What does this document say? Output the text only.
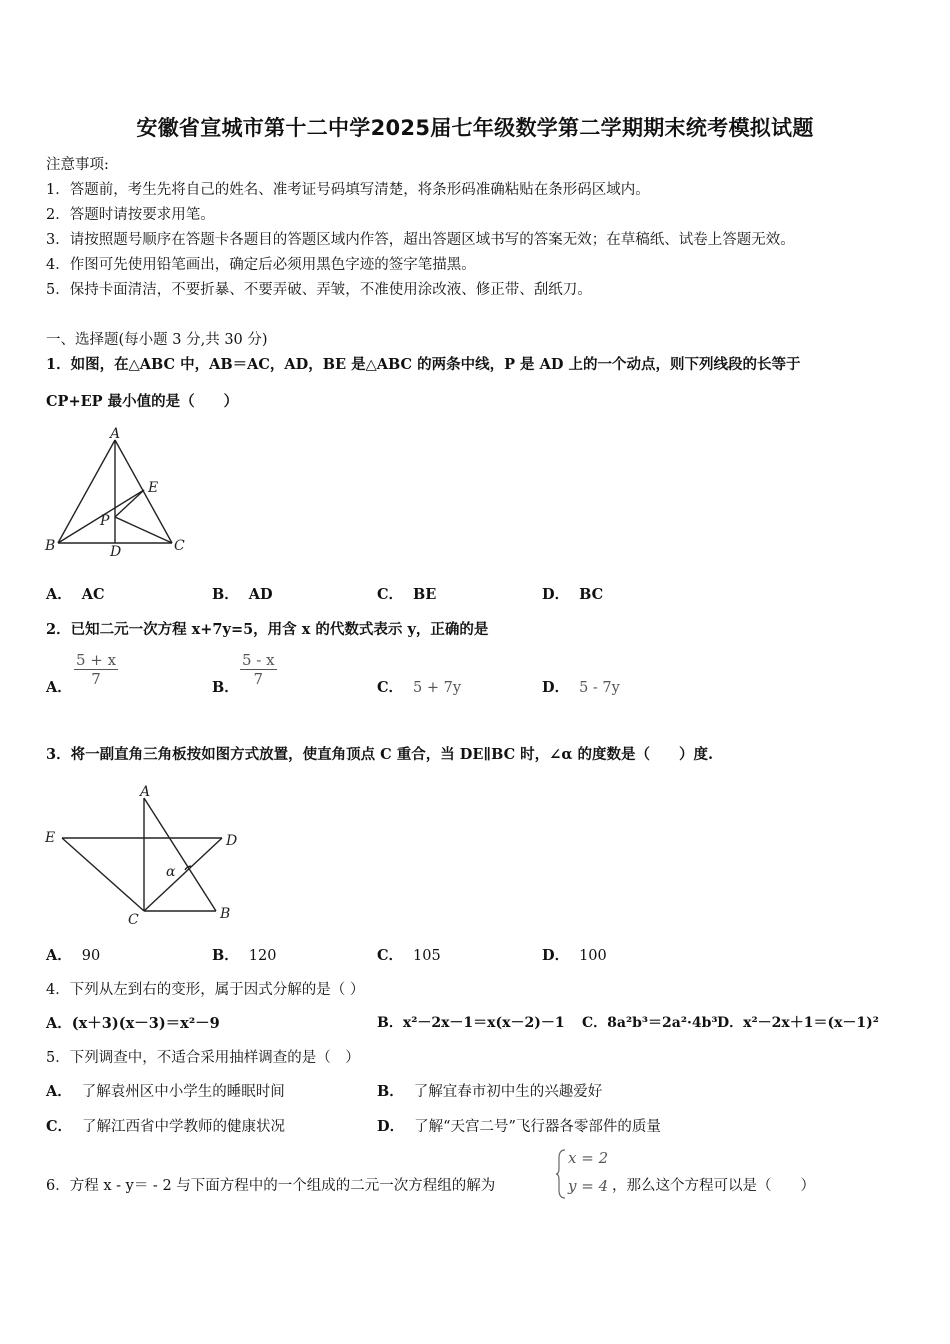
安徽省宣城市第十二中学2025届七年级数学第二学期期末统考模拟试题
注意事项:
1．答题前，考生先将自己的姓名、准考证号码填写清楚，将条形码准确粘贴在条形码区域内。
2．答题时请按要求用笔。
3．请按照题号顺序在答题卡各题目的答题区域内作答，超出答题区域书写的答案无效；在草稿纸、试卷上答题无效。
4．作图可先使用铅笔画出，确定后必须用黑色字迹的签字笔描黑。
5．保持卡面清洁，不要折暴、不要弄破、弄皱，不准使用涂改液、修正带、刮纸刀。
一、选择题(每小题 3 分,共 30 分)
1．如图，在△ABC 中，AB＝AC，AD，BE 是△ABC 的两条中线，P 是 AD 上的一个动点，则下列线段的长等于
CP+EP 最小值的是（　　）
A
B	C
D
E
P
A． AC	B． AD	C． BE	D． BC
2．已知二元一次方程 x+7y=5，用含 x 的代数式表示 y，正确的是
A． $\frac{5 + x}{7}$	B． $\frac{5 - x}{7}$	C． 5 + 7y	D． 5 - 7y
3．将一副直角三角板按如图方式放置，使直角顶点 C 重合，当 DE∥BC 时，∠α 的度数是（　　）度.
A
B
C
D
E
α
A． 90	B． 120	C． 105	D． 100
4．下列从左到右的变形，属于因式分解的是（ ）
A．(x＋3)(x－3)＝x²－9	B．x²－2x－1＝x(x－2)－1 C．8a²b³＝2a²·4b³ D．x²－2x＋1＝(x－1)²
5．下列调查中，不适合采用抽样调查的是（　）
A． 了解袁州区中小学生的睡眠时间	B． 了解宜春市初中生的兴趣爱好
C． 了解江西省中学教师的健康状况	D． 了解“天宫二号”飞行器各零部件的质量
6．方程 x - y＝ - 2 与下面方程中的一个组成的二元一次方程组的解为
x = 2
y = 4 ，那么这个方程可以是（　　）
